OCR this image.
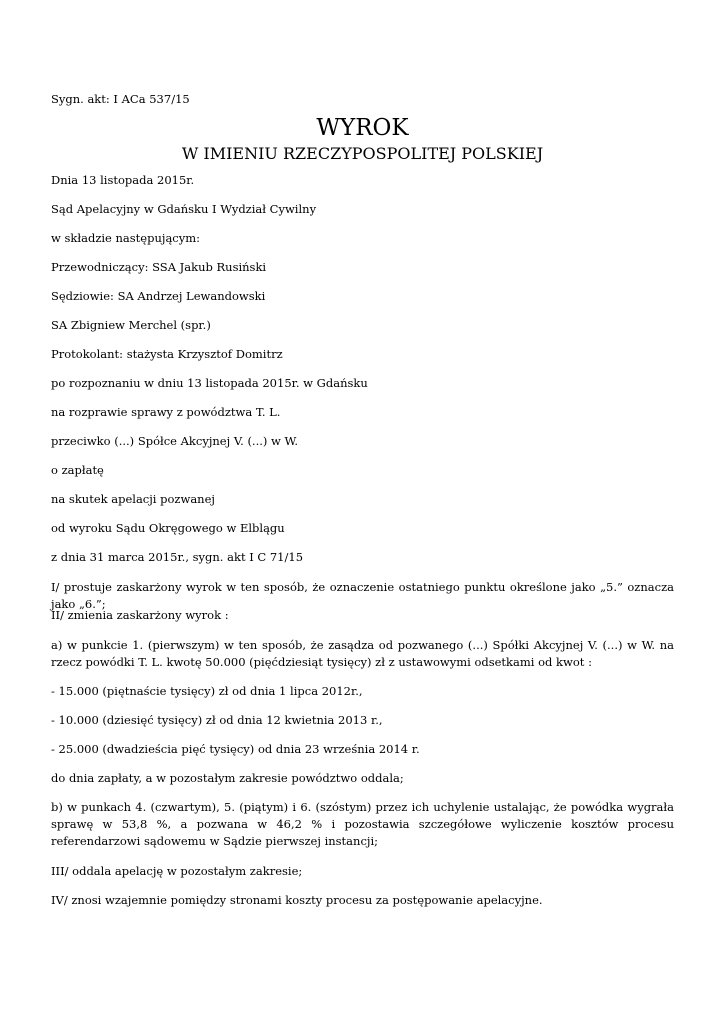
Sygn. akt: I ACa 537/15
WYROK
W IMIENIU RZECZYPOSPOLITEJ POLSKIEJ
Dnia 13 listopada 2015r.
Sąd Apelacyjny w Gdańsku I Wydział Cywilny
w składzie następującym:
Przewodniczący: SSA Jakub Rusiński
Sędziowie: SA Andrzej Lewandowski
SA Zbigniew Merchel (spr.)
Protokolant: stażysta Krzysztof Domitrz
po rozpoznaniu w dniu 13 listopada 2015r. w Gdańsku
na rozprawie sprawy z powództwa T. L.
przeciwko (...) Spółce Akcyjnej V. (...) w W.
o zapłatę
na skutek apelacji pozwanej
od wyroku Sądu Okręgowego w Elblągu
z dnia 31 marca 2015r., sygn. akt I C 71/15
I/ prostuje zaskarżony wyrok w ten sposób, że oznaczenie ostatniego punktu określone jako „5.” oznacza jako „6.”;
II/ zmienia zaskarżony wyrok :
a) w punkcie 1. (pierwszym) w ten sposób, że zasądza od pozwanego (...) Spółki Akcyjnej V. (...) w W. na rzecz powódki T. L. kwotę 50.000 (pięćdziesiąt tysięcy) zł z ustawowymi odsetkami od kwot :
- 15.000 (piętnaście tysięcy) zł od dnia 1 lipca 2012r.,
- 10.000 (dziesięć tysięcy) zł od dnia 12 kwietnia 2013 r.,
- 25.000 (dwadzieścia pięć tysięcy) od dnia 23 września 2014 r.
do dnia zapłaty, a w pozostałym zakresie powództwo oddala;
b) w punkach 4. (czwartym), 5. (piątym) i 6. (szóstym) przez ich uchylenie ustalając, że powódka wygrała sprawę w 53,8 %, a pozwana w 46,2 % i pozostawia szczegółowe wyliczenie kosztów procesu referendarzowi sądowemu w Sądzie pierwszej instancji;
III/ oddala apelację w pozostałym zakresie;
IV/ znosi wzajemnie pomiędzy stronami koszty procesu za postępowanie apelacyjne.
